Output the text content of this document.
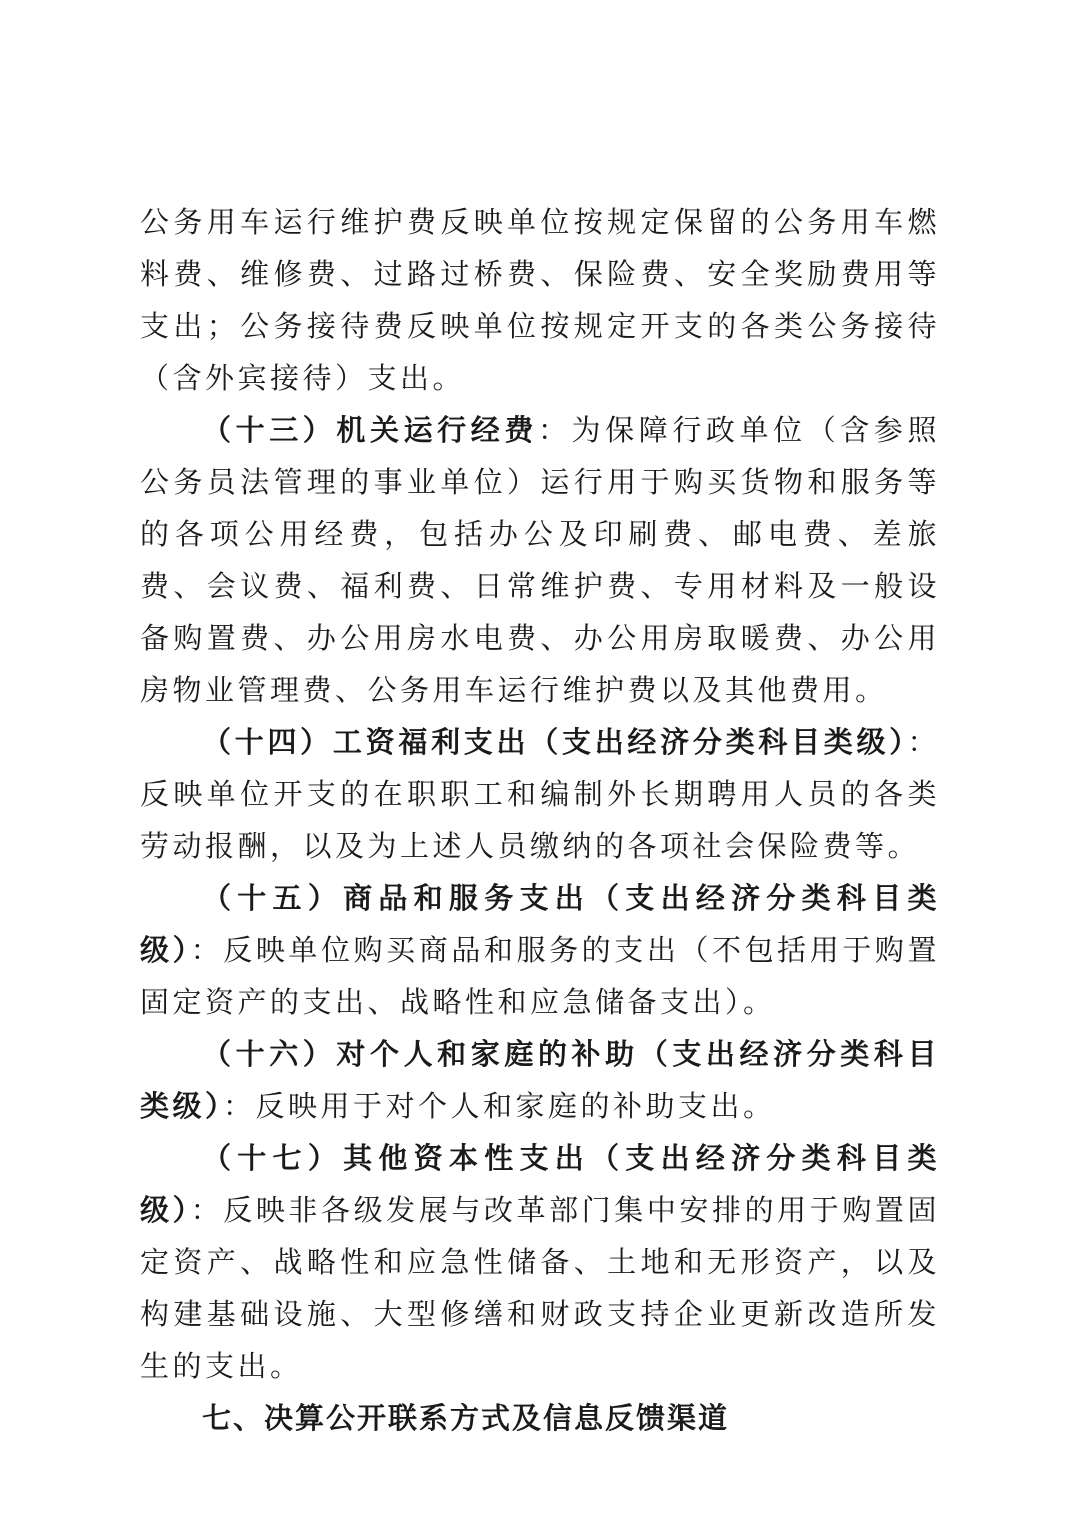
公务用车运行维护费反映单位按规定保留的公务用车燃料费、维修费、过路过桥费、保险费、安全奖励费用等支出；公务接待费反映单位按规定开支的各类公务接待（含外宾接待）支出。

（十三）机关运行经费：为保障行政单位（含参照公务员法管理的事业单位）运行用于购买货物和服务等的各项公用经费，包括办公及印刷费、邮电费、差旅费、会议费、福利费、日常维护费、专用材料及一般设备购置费、办公用房水电费、办公用房取暖费、办公用房物业管理费、公务用车运行维护费以及其他费用。

（十四）工资福利支出（支出经济分类科目类级）：反映单位开支的在职职工和编制外长期聘用人员的各类劳动报酬，以及为上述人员缴纳的各项社会保险费等。

（十五）商品和服务支出（支出经济分类科目类级）：反映单位购买商品和服务的支出（不包括用于购置固定资产的支出、战略性和应急储备支出）。

（十六）对个人和家庭的补助（支出经济分类科目类级）：反映用于对个人和家庭的补助支出。

（十七）其他资本性支出（支出经济分类科目类级）：反映非各级发展与改革部门集中安排的用于购置固定资产、战略性和应急性储备、土地和无形资产，以及构建基础设施、大型修缮和财政支持企业更新改造所发生的支出。

七、决算公开联系方式及信息反馈渠道
